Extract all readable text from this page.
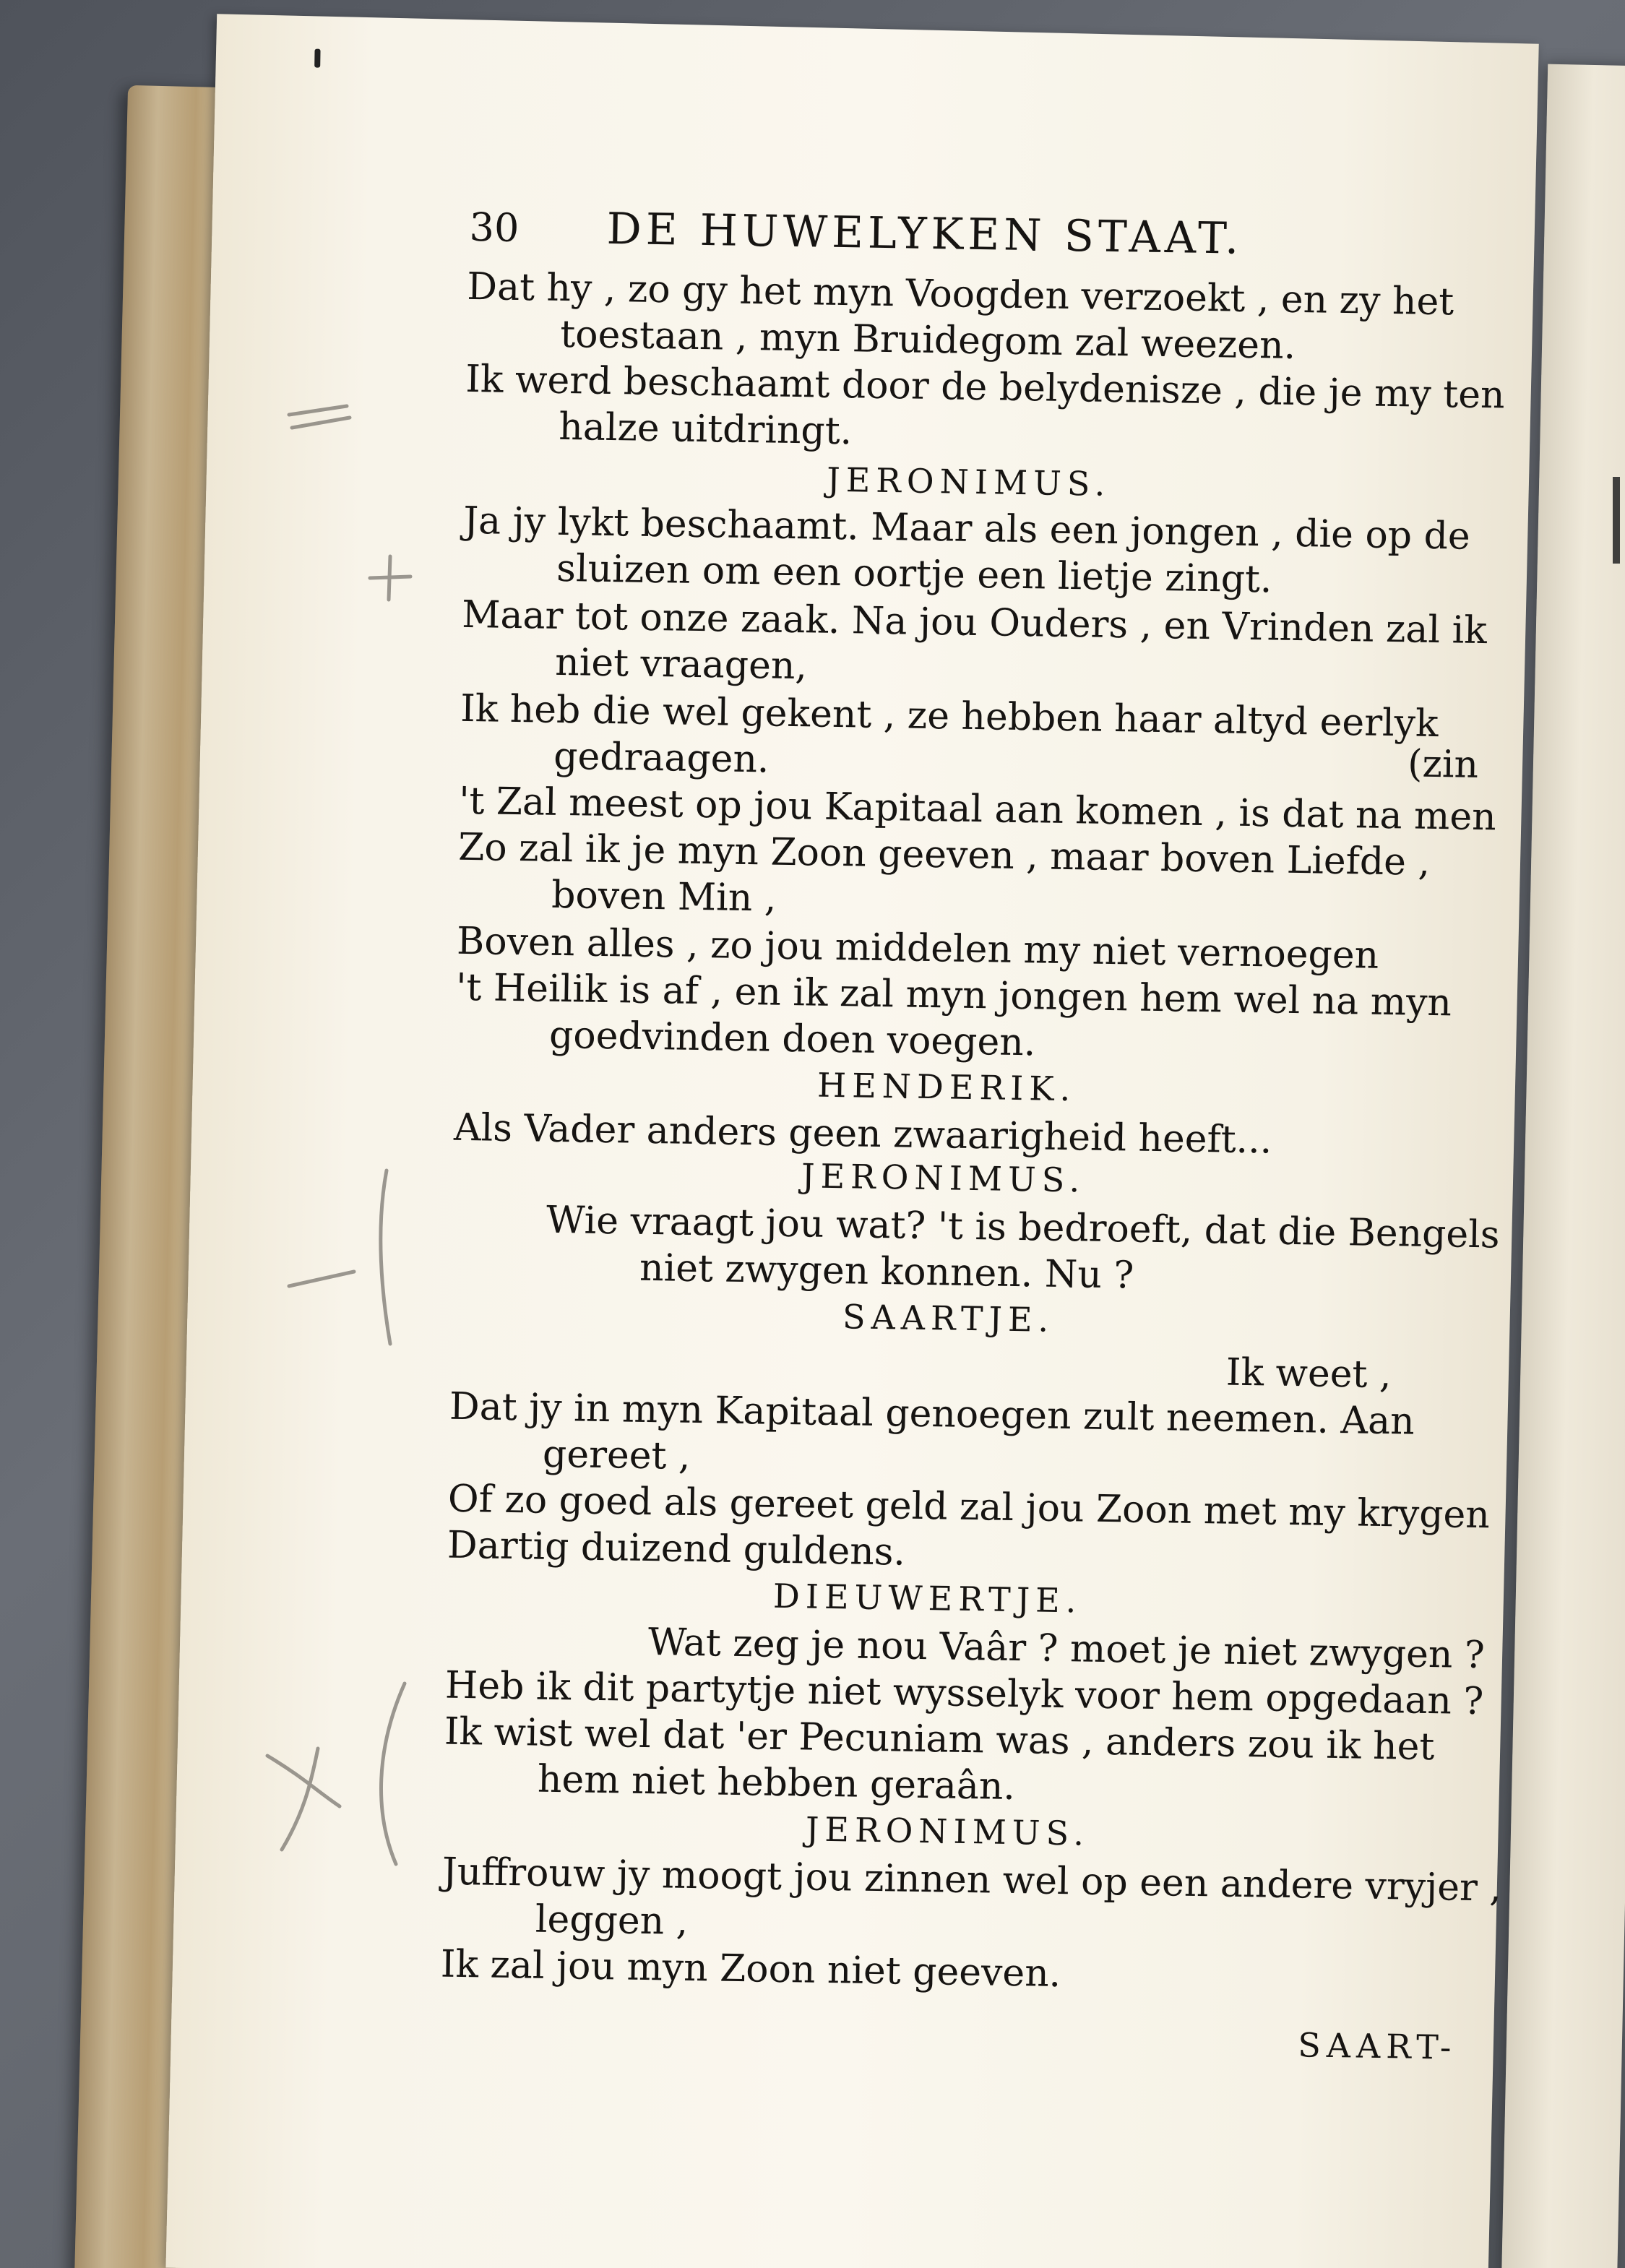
30 DE HUWELYKEN STAAT.
Dat hy , zo gy het myn Voogden verzoekt , en zy het
toestaan , myn Bruidegom zal weezen.
Ik werd beschaamt door de belydenisze , die je my ten
halze uitdringt.
JERONIMUS.
Ja jy lykt beschaamt. Maar als een jongen , die op de
sluizen om een oortje een lietje zingt.
Maar tot onze zaak. Na jou Ouders , en Vrinden zal ik
niet vraagen,
Ik heb die wel gekent , ze hebben haar altyd eerlyk
gedraagen.	(zin
't Zal meest op jou Kapitaal aan komen , is dat na men
Zo zal ik je myn Zoon geeven , maar boven Liefde ,
boven Min ,
Boven alles , zo jou middelen my niet vernoegen
't Heilik is af , en ik zal myn jongen hem wel na myn
goedvinden doen voegen.
HENDERIK.
Als Vader anders geen zwaarigheid heeft...
JERONIMUS.
Wie vraagt jou wat? 't is bedroeft, dat die Bengels
niet zwygen konnen. Nu ?
SAARTJE.
Ik weet ,
Dat jy in myn Kapitaal genoegen zult neemen. Aan
gereet ,
Of zo goed als gereet geld zal jou Zoon met my krygen
Dartig duizend guldens.
DIEUWERTJE.
Wat zeg je nou Vaâr ? moet je niet zwygen ?
Heb ik dit partytje niet wysselyk voor hem opgedaan ?
Ik wist wel dat 'er Pecuniam was , anders zou ik het
hem niet hebben geraân.
JERONIMUS.
Juffrouw jy moogt jou zinnen wel op een andere vryjer ,
leggen ,
Ik zal jou myn Zoon niet geeven.
SAART-
